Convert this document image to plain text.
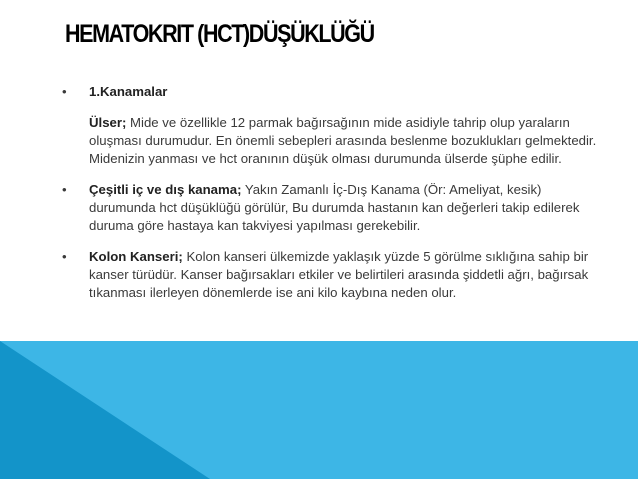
HEMATOKRIT (HCT)DÜŞÜKLÜĞÜ
• 1.Kanamalar
Ülser; Mide ve özellikle 12 parmak bağırsağının mide asidiyle tahrip olup yaraların oluşması durumudur. En önemli sebepleri arasında beslenme bozuklukları gelmektedir. Midenizin yanması ve hct oranının düşük olması durumunda ülserde şüphe edilir.
• Çeşitli iç ve dış kanama; Yakın Zamanlı İç-Dış Kanama (Ör: Ameliyat, kesik) durumunda hct düşüklüğü görülür, Bu durumda hastanın kan değerleri takip edilerek duruma göre hastaya kan takviyesi yapılması gerekebilir.
• Kolon Kanseri; Kolon kanseri ülkemizde yaklaşık yüzde 5 görülme sıklığına sahip bir kanser türüdür. Kanser bağırsakları etkiler ve belirtileri arasında şiddetli ağrı, bağırsak tıkanması ilerleyen dönemlerde ise ani kilo kaybına neden olur.
